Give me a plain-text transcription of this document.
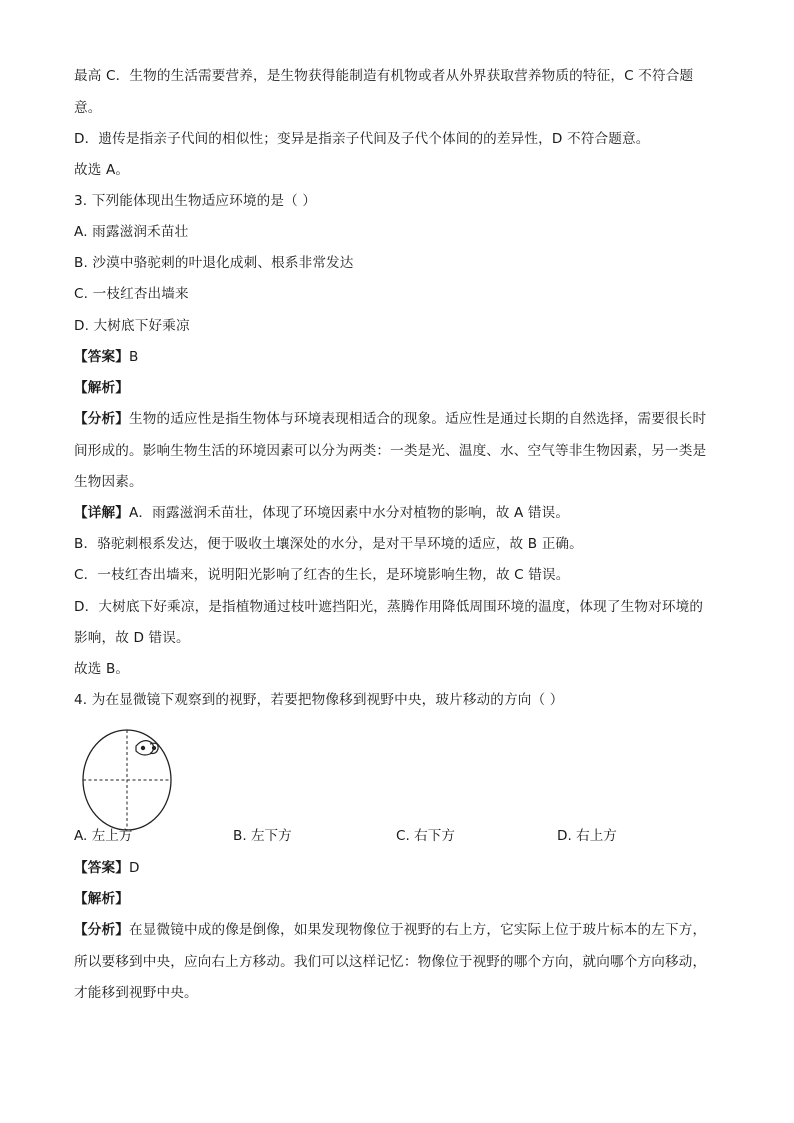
最高 C．生物的生活需要营养，是生物获得能制造有机物或者从外界获取营养物质的特征，C 不符合题
意。
D．遗传是指亲子代间的相似性；变异是指亲子代间及子代个体间的的差异性，D 不符合题意。
故选 A。
3. 下列能体现出生物适应环境的是（ ）
A. 雨露滋润禾苗壮
B. 沙漠中骆驼刺的叶退化成刺、根系非常发达
C. 一枝红杏出墙来
D. 大树底下好乘凉
【答案】B
【解析】
【分析】生物的适应性是指生物体与环境表现相适合的现象。适应性是通过长期的自然选择，需要很长时
间形成的。影响生物生活的环境因素可以分为两类：一类是光、温度、水、空气等非生物因素，另一类是
生物因素。
【详解】A．雨露滋润禾苗壮，体现了环境因素中水分对植物的影响，故 A 错误。
B．骆驼刺根系发达，便于吸收土壤深处的水分，是对干旱环境的适应，故 B 正确。
C．一枝红杏出墙来，说明阳光影响了红杏的生长，是环境影响生物，故 C 错误。
D．大树底下好乘凉，是指植物通过枝叶遮挡阳光，蒸腾作用降低周围环境的温度，体现了生物对环境的
影响，故 D 错误。
故选 B。
4. 为在显微镜下观察到的视野，若要把物像移到视野中央，玻片移动的方向（ ）
A. 左上方	B. 左下方	C. 右下方	D. 右上方
【答案】D
【解析】
【分析】在显微镜中成的像是倒像，如果发现物像位于视野的右上方，它实际上位于玻片标本的左下方，
所以要移到中央，应向右上方移动。我们可以这样记忆：物像位于视野的哪个方向，就向哪个方向移动，
才能移到视野中央。
